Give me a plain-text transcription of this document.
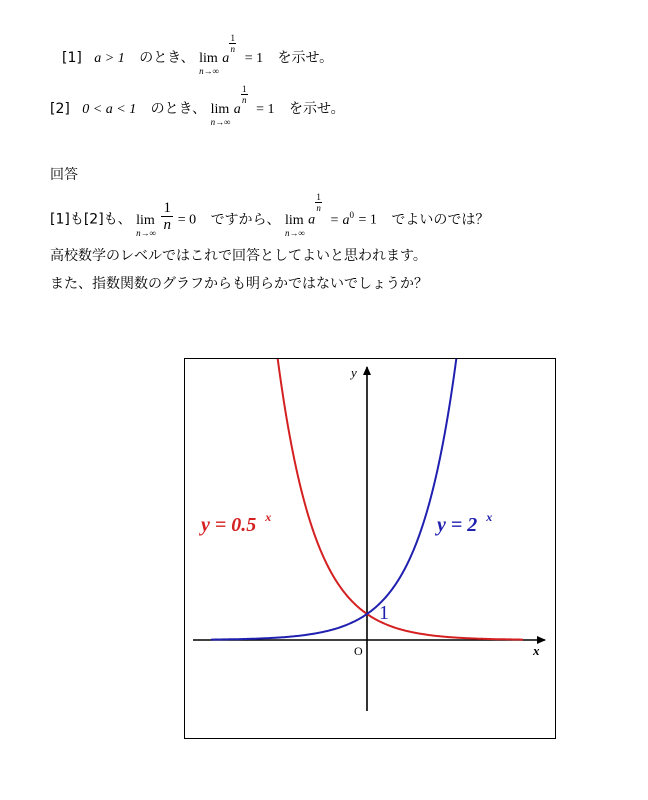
[1] a > 1 のとき、 lim
n→∞
a
$\frac{1}{n}$
= 1 を示せ。
[2] 0 < a < 1 のとき、 lim
n→∞
a
$\frac{1}{n}$
= 1 を示せ。
回答
[1]も[2]も、 lim
$n\to\infty \frac{1}{n} = 0$ ですから、 lim
n→∞
a
$\frac{1}{n}$
= $a^0 = 1$ でよいのでは？
高校数学のレベルではこれで回答としてよいと思われます。
また、指数関数のグラフからも明らかではないでしょうか？
y
x
O
1
y = 0.5 $^x$	y = 2 $^x$
